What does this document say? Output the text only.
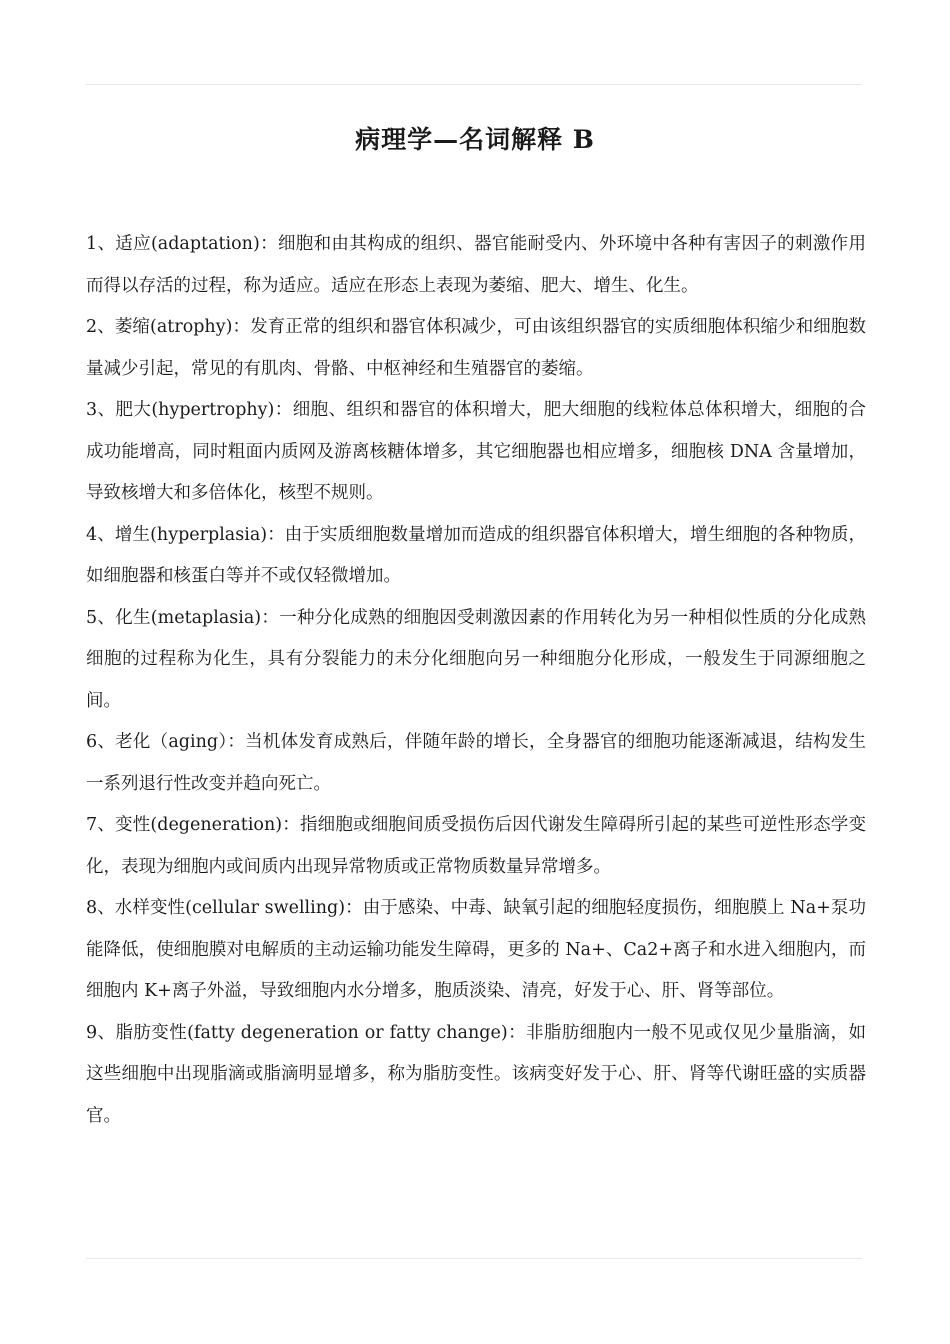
病理学—名词解释 B

1、适应(adaptation)：细胞和由其构成的组织、器官能耐受内、外环境中各种有害因子的刺激作用而得以存活的过程，称为适应。适应在形态上表现为萎缩、肥大、增生、化生。

2、萎缩(atrophy)：发育正常的组织和器官体积减少，可由该组织器官的实质细胞体积缩少和细胞数量减少引起，常见的有肌肉、骨骼、中枢神经和生殖器官的萎缩。

3、肥大(hypertrophy)：细胞、组织和器官的体积增大，肥大细胞的线粒体总体积增大，细胞的合成功能增高，同时粗面内质网及游离核糖体增多，其它细胞器也相应增多，细胞核 DNA 含量增加，导致核增大和多倍体化，核型不规则。

4、增生(hyperplasia)：由于实质细胞数量增加而造成的组织器官体积增大，增生细胞的各种物质，如细胞器和核蛋白等并不或仅轻微增加。

5、化生(metaplasia)：一种分化成熟的细胞因受刺激因素的作用转化为另一种相似性质的分化成熟细胞的过程称为化生，具有分裂能力的未分化细胞向另一种细胞分化形成，一般发生于同源细胞之间。

6、老化（aging）：当机体发育成熟后，伴随年龄的增长，全身器官的细胞功能逐渐减退，结构发生一系列退行性改变并趋向死亡。

7、变性(degeneration)：指细胞或细胞间质受损伤后因代谢发生障碍所引起的某些可逆性形态学变化，表现为细胞内或间质内出现异常物质或正常物质数量异常增多。

8、水样变性(cellular swelling)：由于感染、中毒、缺氧引起的细胞轻度损伤，细胞膜上 Na+泵功能降低，使细胞膜对电解质的主动运输功能发生障碍，更多的 Na+、Ca2+离子和水进入细胞内，而细胞内 K+离子外溢，导致细胞内水分增多，胞质淡染、清亮，好发于心、肝、肾等部位。

9、脂肪变性(fatty degeneration or fatty change)：非脂肪细胞内一般不见或仅见少量脂滴，如这些细胞中出现脂滴或脂滴明显增多，称为脂肪变性。该病变好发于心、肝、肾等代谢旺盛的实质器官。
